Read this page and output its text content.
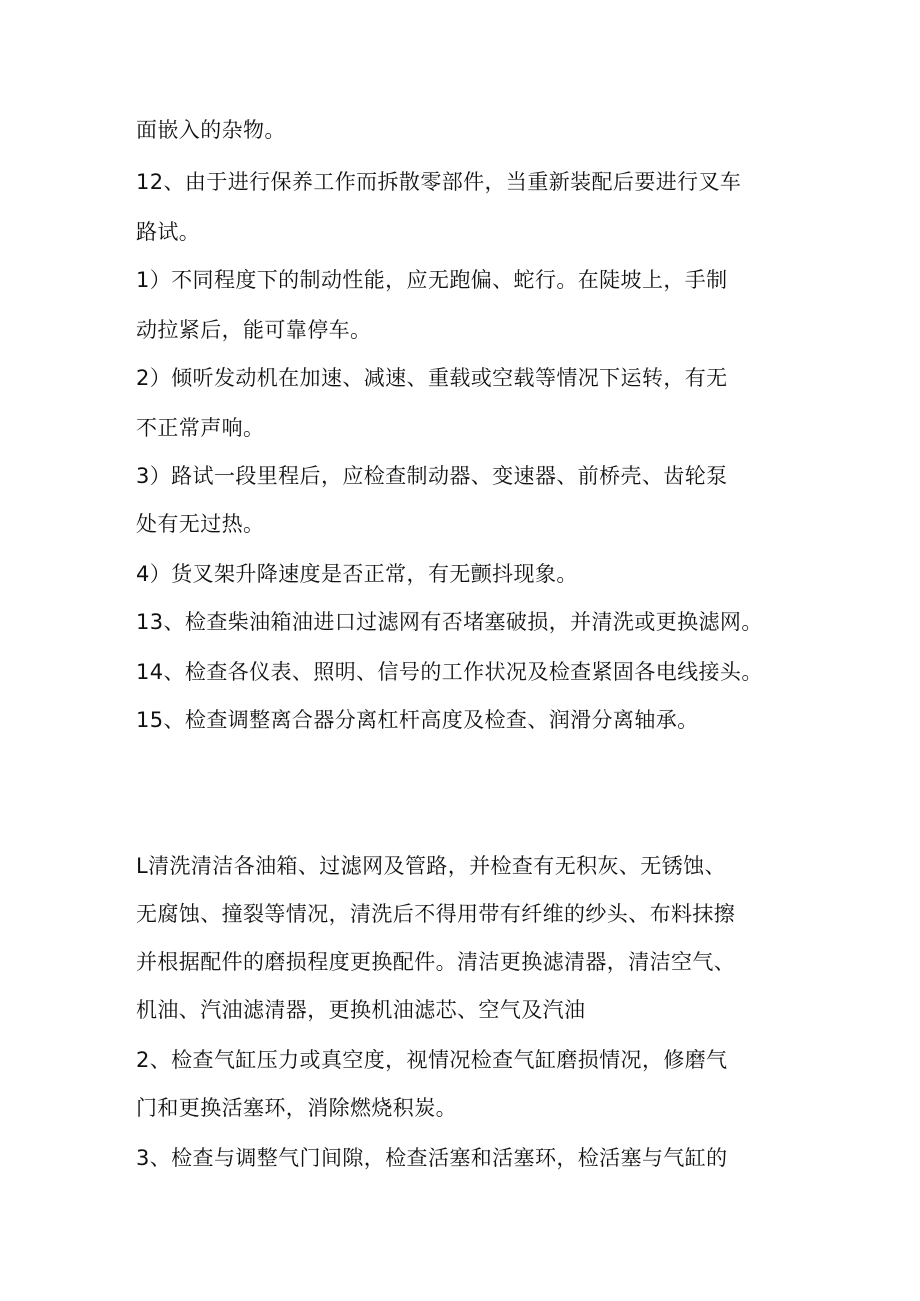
面嵌入的杂物。
12、由于进行保养工作而拆散零部件，当重新装配后要进行叉车
路试。
1）不同程度下的制动性能，应无跑偏、蛇行。在陡坡上，手制
动拉紧后，能可靠停车。
2）倾听发动机在加速、减速、重载或空载等情况下运转，有无
不正常声响。
3）路试一段里程后，应检查制动器、变速器、前桥壳、齿轮泵
处有无过热。
4）货叉架升降速度是否正常，有无颤抖现象。
13、检查柴油箱油进口过滤网有否堵塞破损，并清洗或更换滤网。
14、检查各仪表、照明、信号的工作状况及检查紧固各电线接头。
15、检查调整离合器分离杠杆高度及检查、润滑分离轴承。
L清洗清洁各油箱、过滤网及管路，并检查有无积灰、无锈蚀、
无腐蚀、撞裂等情况，清洗后不得用带有纤维的纱头、布料抹擦
并根据配件的磨损程度更换配件。清洁更换滤清器，清洁空气、
机油、汽油滤清器，更换机油滤芯、空气及汽油
2、检查气缸压力或真空度，视情况检查气缸磨损情况，修磨气
门和更换活塞环，消除燃烧积炭。
3、检查与调整气门间隙，检查活塞和活塞环，检活塞与气缸的
